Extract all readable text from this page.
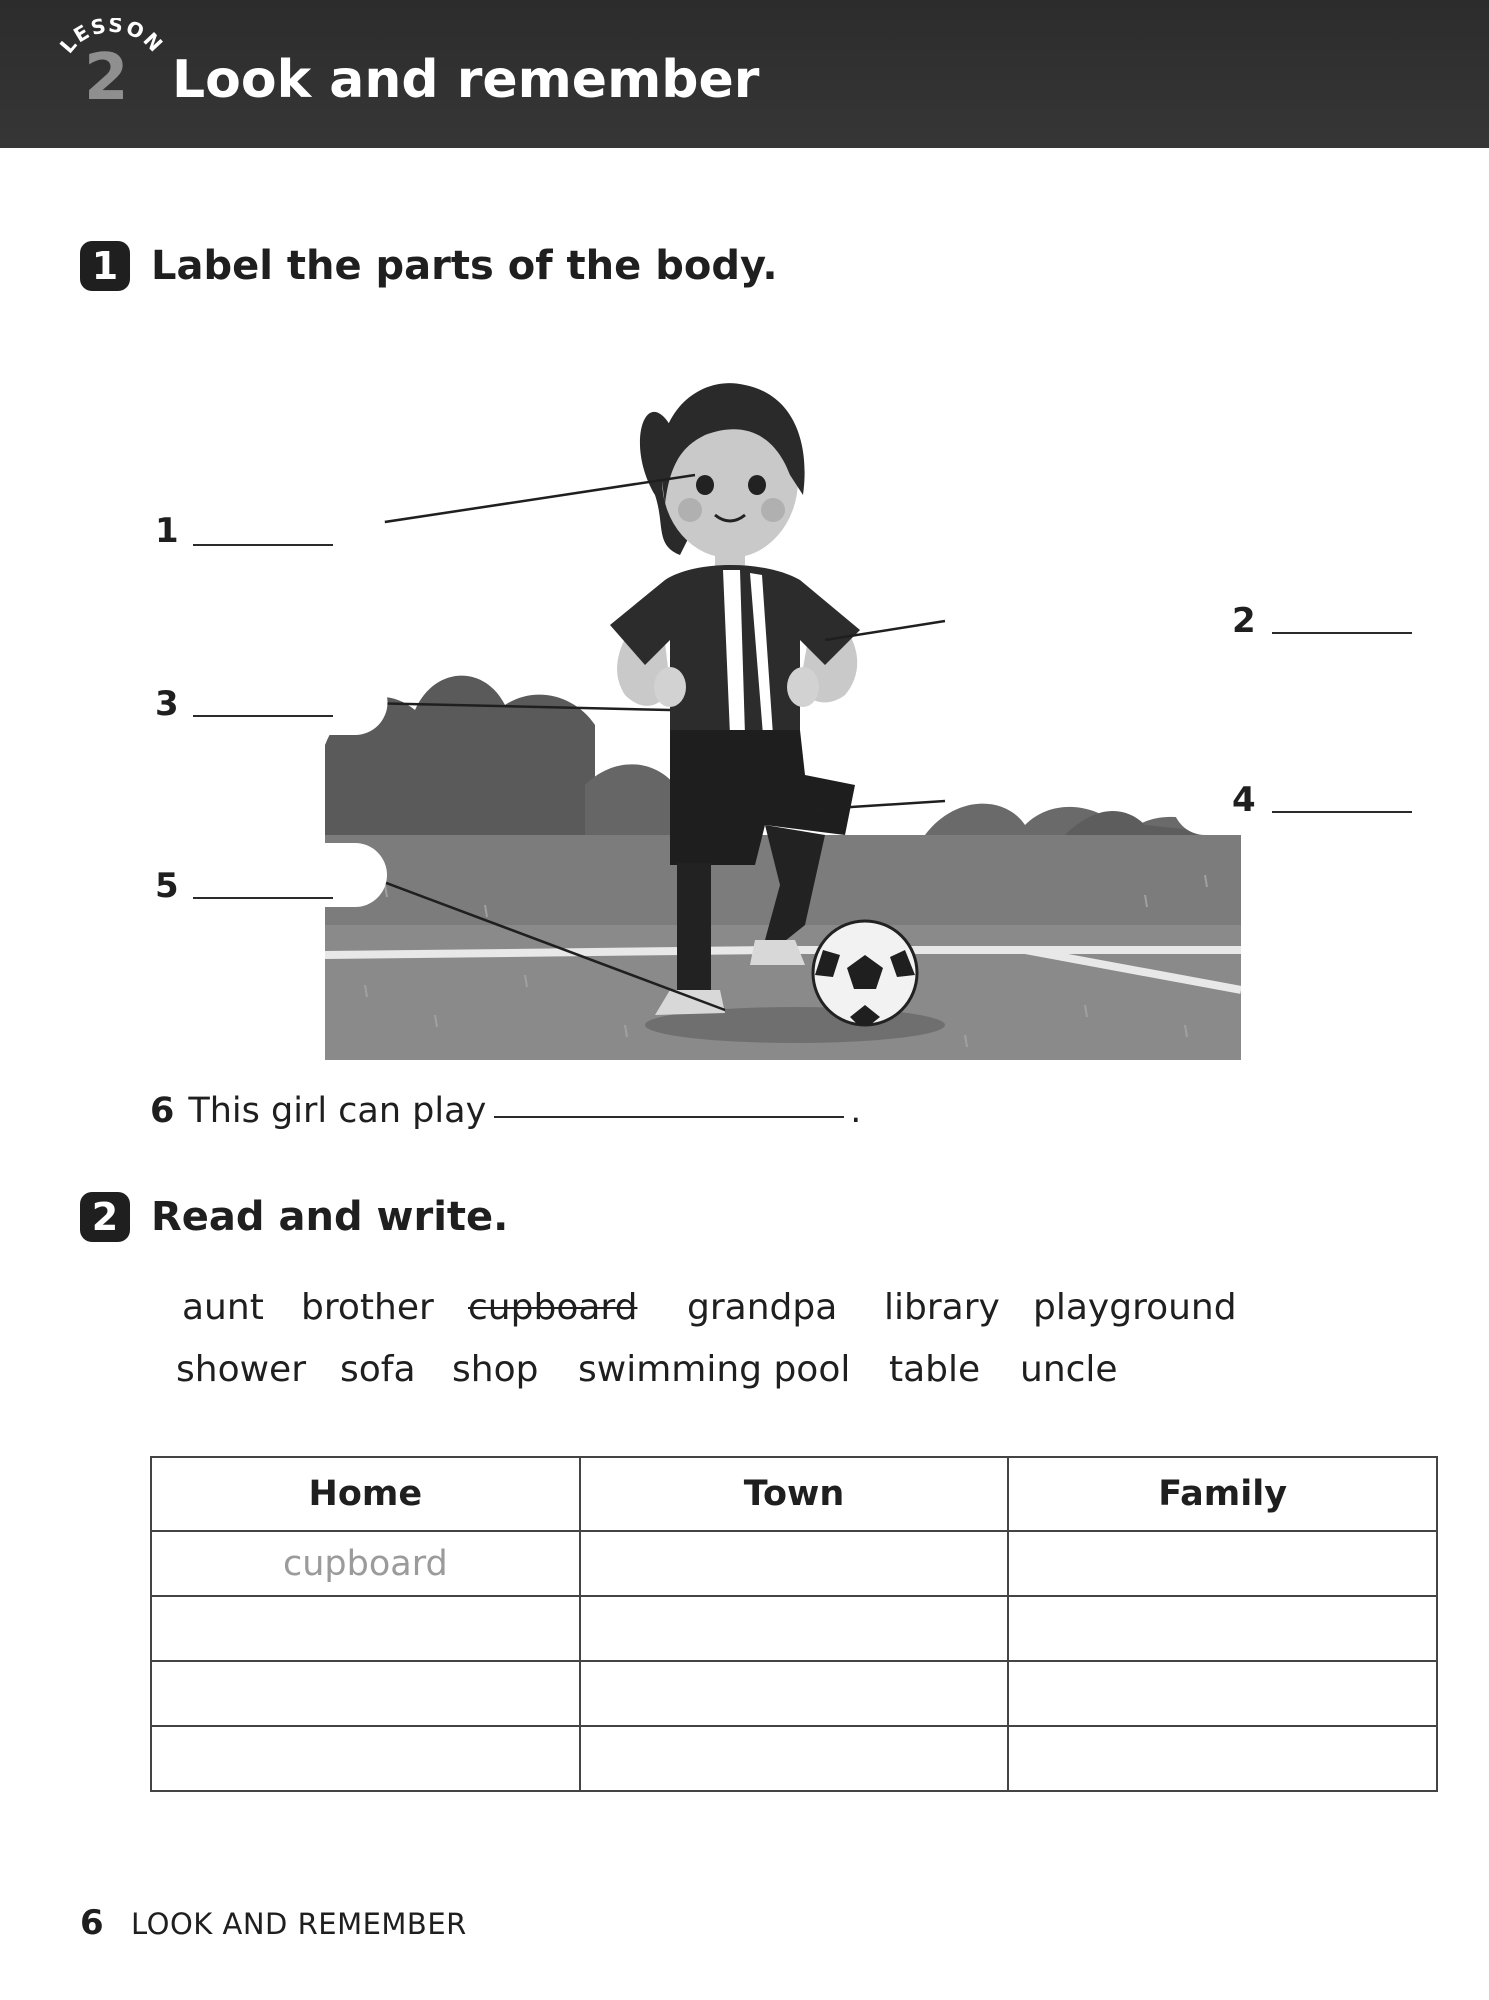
LESSON
2 Look and remember
1 Label the parts of the body.
1
2
3
4
5
6 This girl can play	.
2 Read and write.
aunt brother cupboard grandpa library playground
shower sofa shop swimming pool table uncle
Home	Town	Family
cupboard		

6 LOOK AND REMEMBER
